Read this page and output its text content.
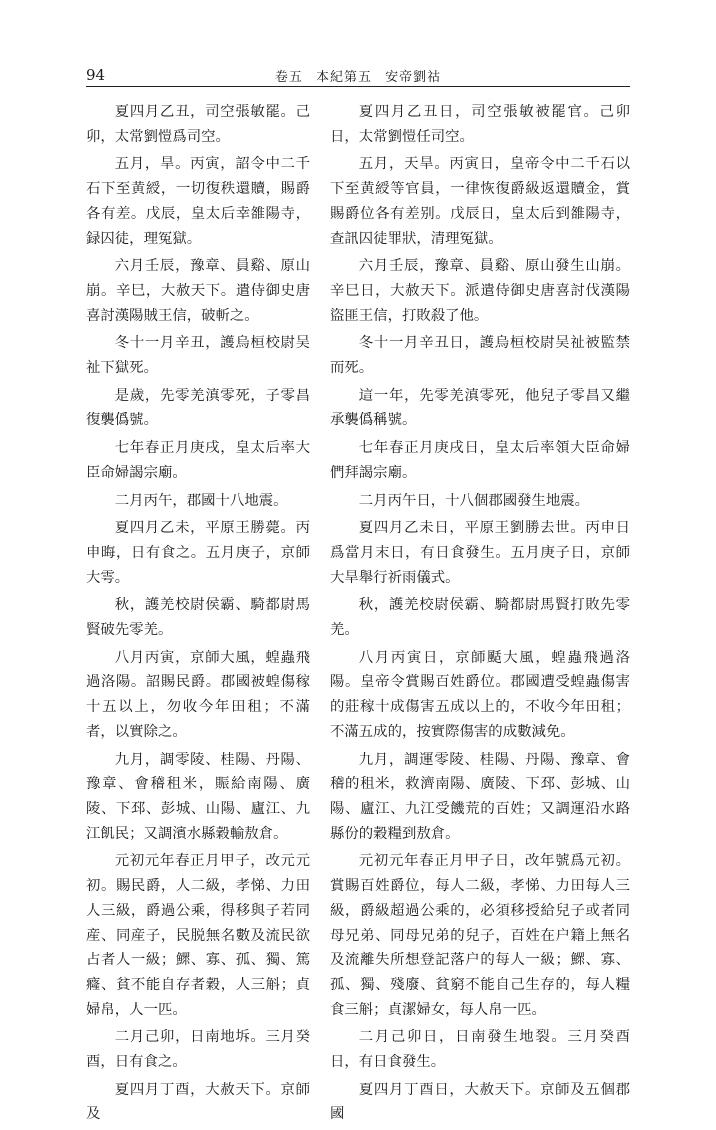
94	卷五 本紀第五 安帝劉祜

夏四月乙丑，司空張敏罷。己卯，太常劉愷爲司空。

五月，旱。丙寅，詔令中二千石下至黄綬，一切復秩還贖，賜爵各有差。戊辰，皇太后幸雒陽寺，録囚徒，理冤獄。

六月壬辰，豫章、員谿、原山崩。辛巳，大赦天下。遣侍御史唐喜討漢陽賊王信，破斬之。

冬十一月辛丑，護烏桓校尉吴祉下獄死。

是歲，先零羌滇零死，子零昌復襲僞號。

七年春正月庚戌，皇太后率大臣命婦謁宗廟。

二月丙午，郡國十八地震。

夏四月乙未，平原王勝薨。丙申晦，日有食之。五月庚子，京師大雩。

秋，護羌校尉侯霸、騎都尉馬賢破先零羌。

八月丙寅，京師大風，蝗蟲飛過洛陽。詔賜民爵。郡國被蝗傷稼十五以上，勿收今年田租；不滿者，以實除之。

九月，調零陵、桂陽、丹陽、豫章、會稽租米，賑給南陽、廣陵、下邳、彭城、山陽、廬江、九江飢民；又調濱水縣穀輸敖倉。

元初元年春正月甲子，改元元初。賜民爵，人二級，孝悌、力田人三級，爵過公乘，得移與子若同産、同産子，民脱無名數及流民欲占者人一級；鰥、寡、孤、獨、篤癃、貧不能自存者穀，人三斛；貞婦帛，人一匹。

二月己卯，日南地坼。三月癸酉，日有食之。

夏四月丁酉，大赦天下。京師及

夏四月乙丑日，司空張敏被罷官。己卯日，太常劉愷任司空。

五月，天旱。丙寅日，皇帝令中二千石以下至黄綬等官員，一律恢復爵級返還贖金，賞賜爵位各有差别。戊辰日，皇太后到雒陽寺，查訊囚徒罪狀，清理冤獄。

六月壬辰，豫章、員谿、原山發生山崩。辛巳日，大赦天下。派遣侍御史唐喜討伐漢陽盜匪王信，打敗殺了他。

冬十一月辛丑日，護烏桓校尉吴祉被監禁而死。

這一年，先零羌滇零死，他兒子零昌又繼承襲僞稱號。

七年春正月庚戌日，皇太后率領大臣命婦們拜謁宗廟。

二月丙午日，十八個郡國發生地震。

夏四月乙未日，平原王劉勝去世。丙申日爲當月末日，有日食發生。五月庚子日，京師大旱舉行祈雨儀式。

秋，護羌校尉侯霸、騎都尉馬賢打敗先零羌。

八月丙寅日，京師颳大風，蝗蟲飛過洛陽。皇帝令賞賜百姓爵位。郡國遭受蝗蟲傷害的莊稼十成傷害五成以上的，不收今年田租；不滿五成的，按實際傷害的成數減免。

九月，調運零陵、桂陽、丹陽、豫章、會稽的租米，救濟南陽、廣陵、下邳、彭城、山陽、廬江、九江受饑荒的百姓；又調運沿水路縣份的穀糧到敖倉。

元初元年春正月甲子日，改年號爲元初。賞賜百姓爵位，每人二級，孝悌、力田每人三級，爵級超過公乘的，必須移授給兒子或者同母兄弟、同母兄弟的兒子，百姓在户籍上無名及流離失所想登記落户的每人一級；鰥、寡、孤、獨、殘廢、貧窮不能自己生存的，每人糧食三斛；貞潔婦女，每人帛一匹。

二月己卯日，日南發生地裂。三月癸酉日，有日食發生。

夏四月丁酉日，大赦天下。京師及五個郡國
